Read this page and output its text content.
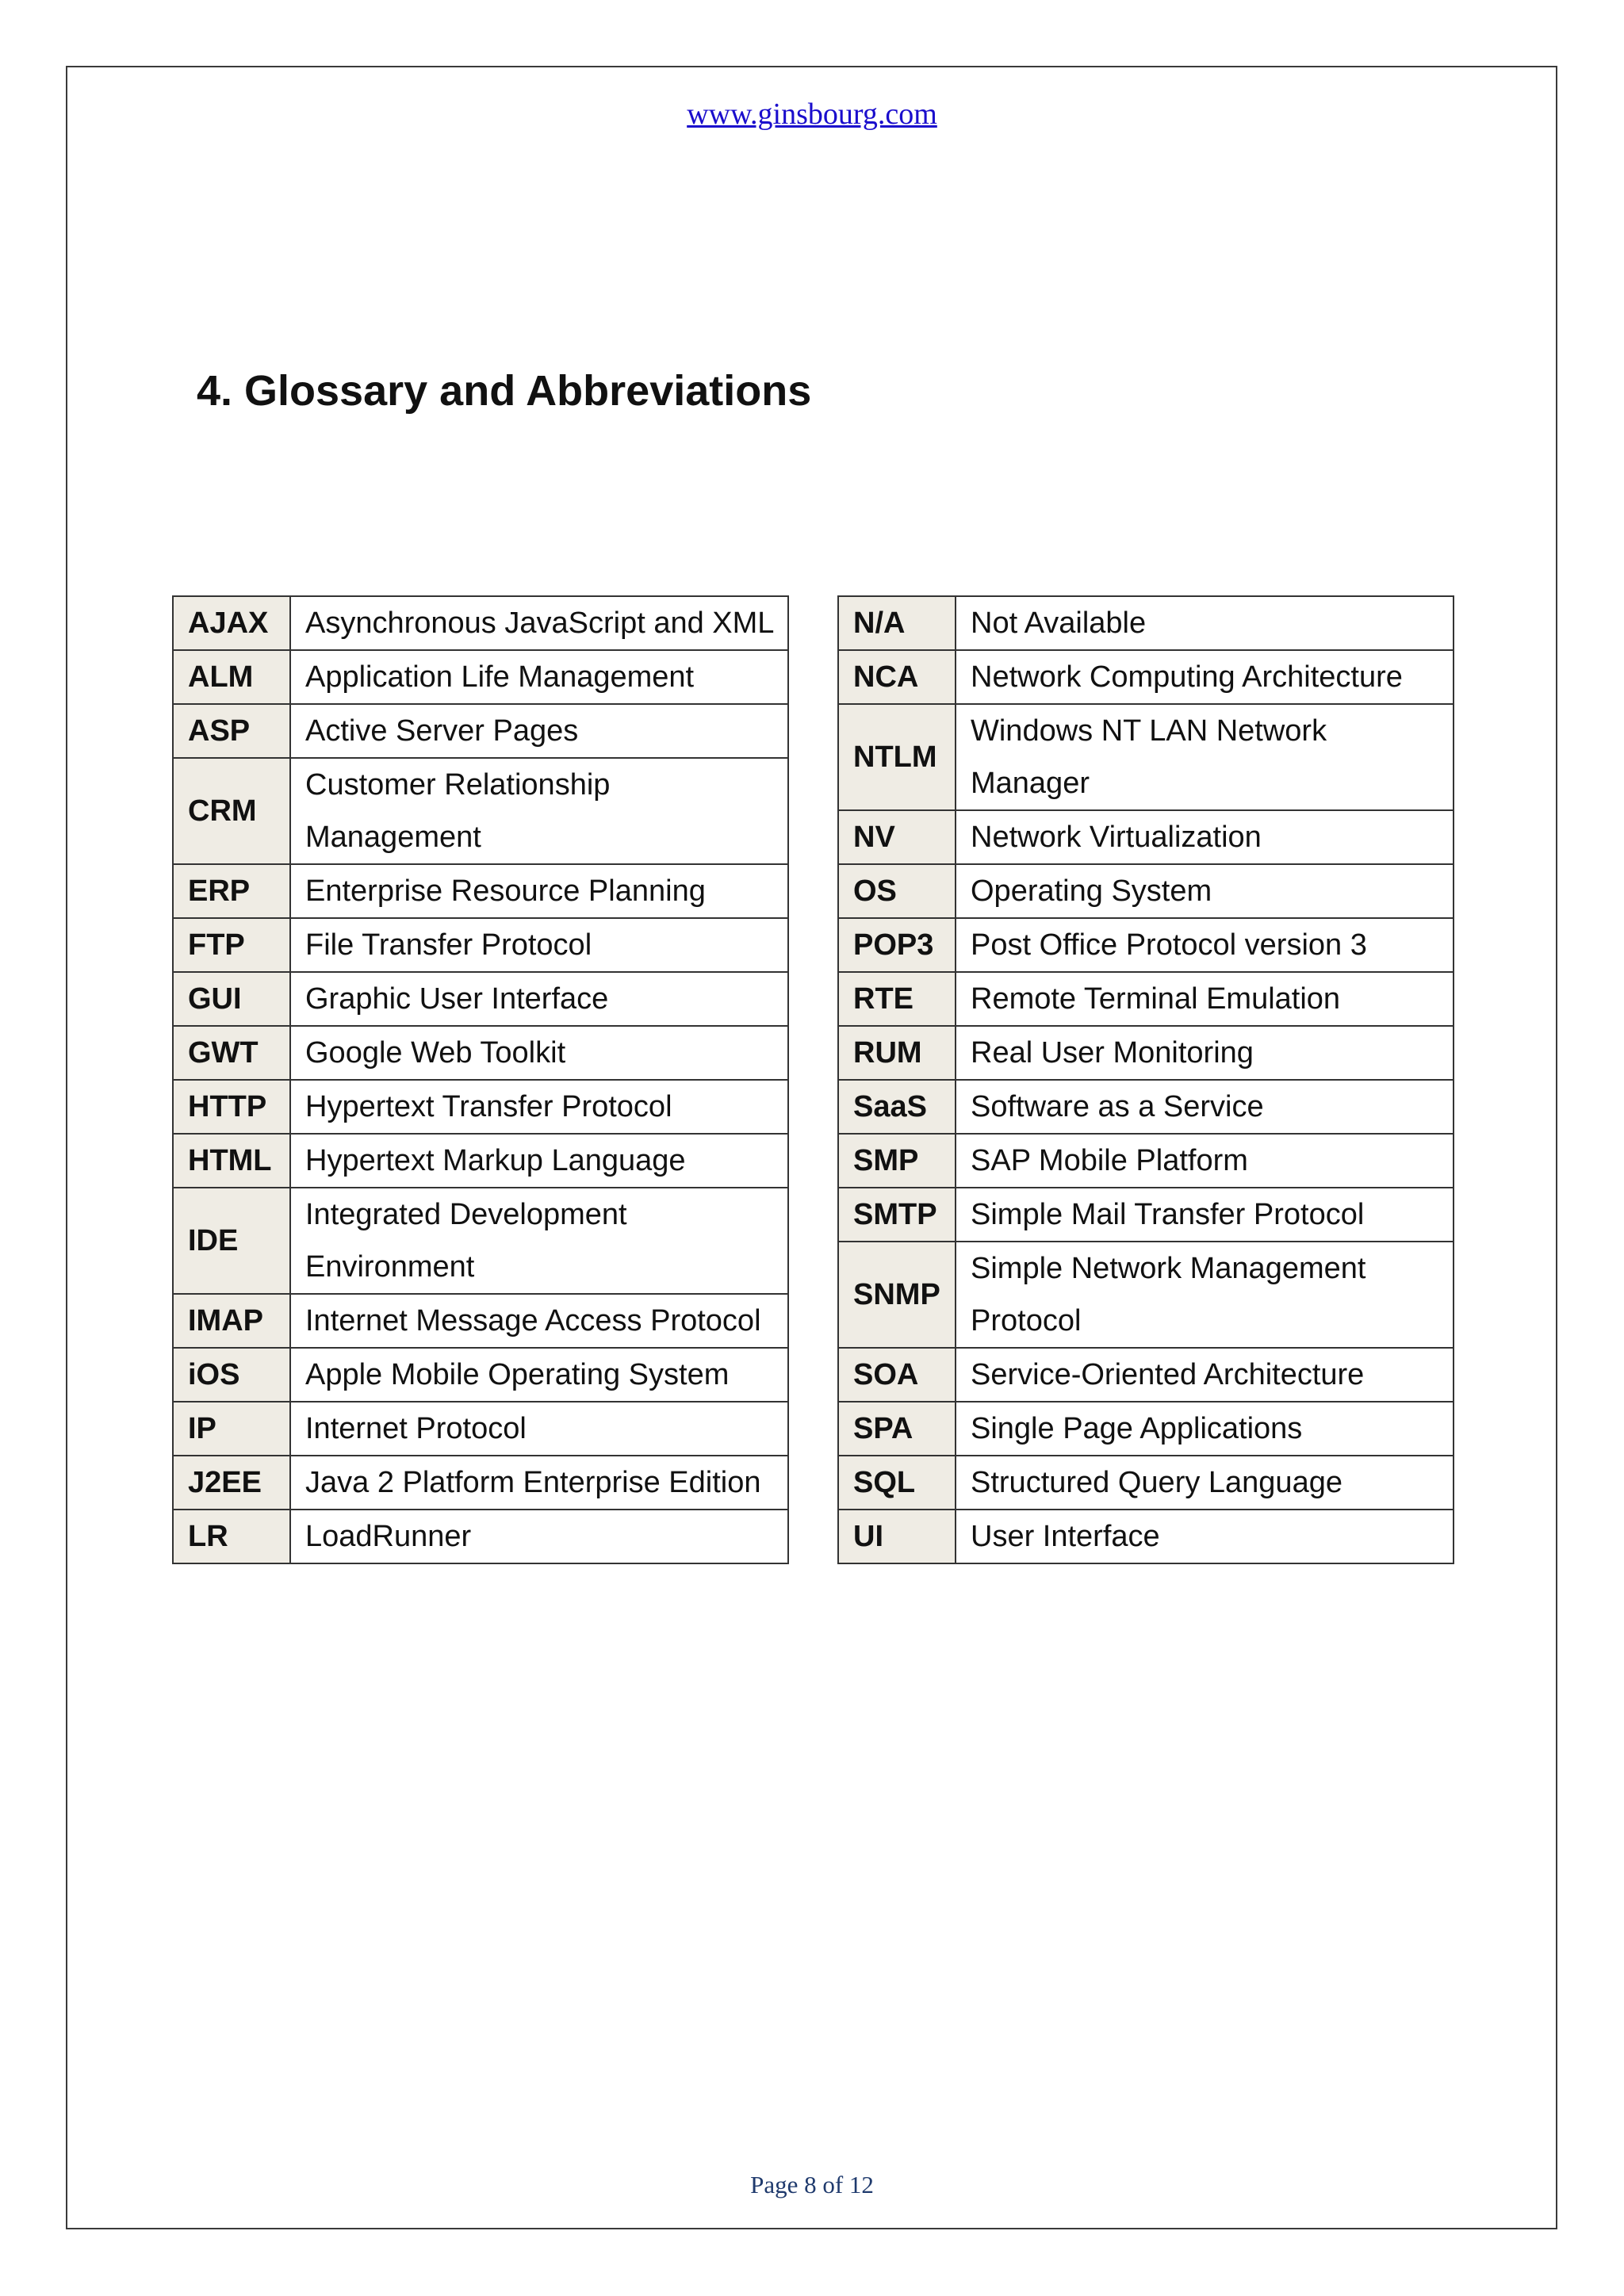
www.ginsbourg.com
4. Glossary and Abbreviations
AJAX	Asynchronous JavaScript and XML
ALM	Application Life Management
ASP	Active Server Pages
CRM	Customer Relationship Management
ERP	Enterprise Resource Planning
FTP	File Transfer Protocol
GUI	Graphic User Interface
GWT	Google Web Toolkit
HTTP	Hypertext Transfer Protocol
HTML	Hypertext Markup Language
IDE	Integrated Development Environment
IMAP	Internet Message Access Protocol
iOS	Apple Mobile Operating System
IP	Internet Protocol
J2EE	Java 2 Platform Enterprise Edition
LR	LoadRunner
N/A	Not Available
NCA	Network Computing Architecture
NTLM	Windows NT LAN Network Manager
NV	Network Virtualization
OS	Operating System
POP3	Post Office Protocol version 3
RTE	Remote Terminal Emulation
RUM	Real User Monitoring
SaaS	Software as a Service
SMP	SAP Mobile Platform
SMTP	Simple Mail Transfer Protocol
SNMP	Simple Network Management Protocol
SOA	Service-Oriented Architecture
SPA	Single Page Applications
SQL	Structured Query Language
UI	User Interface
Page 8 of 12
